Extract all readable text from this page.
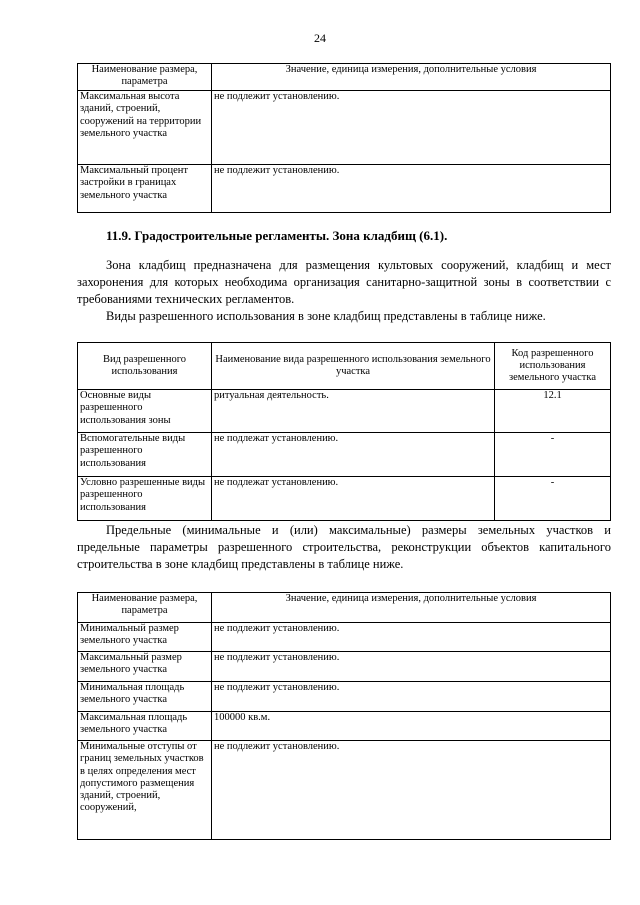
24
Наименование размера, параметра	Значение, единица измерения, дополнительные условия
Максимальная высота зданий, строений, сооружений на территории земельного участка	не подлежит установлению.
Максимальный процент застройки в границах земельного участка	не подлежит установлению.
11.9. Градостроительные регламенты. Зона кладбищ (6.1).
Зона кладбищ предназначена для размещения культовых сооружений, кладбищ и мест захоронения для которых необходима организация санитарно-защитной зоны в соответствии с требованиями технических регламентов.
Виды разрешенного использования в зоне кладбищ представлены в таблице ниже.
Вид разрешенного использования	Наименование вида разрешенного использования земельного участка	Код разрешенного использования земельного участка
Основные виды разрешенного использования зоны	ритуальная деятельность.	12.1
Вспомогательные виды разрешенного использования	не подлежат установлению.	-
Условно разрешенные виды разрешенного использования	не подлежат установлению.	-
Предельные (минимальные и (или) максимальные) размеры земельных участков и предельные параметры разрешенного строительства, реконструкции объектов капитального строительства в зоне кладбищ представлены в таблице ниже.
Наименование размера, параметра	Значение, единица измерения, дополнительные условия
Минимальный размер земельного участка	не подлежит установлению.
Максимальный размер земельного участка	не подлежит установлению.
Минимальная площадь земельного участка	не подлежит установлению.
Максимальная площадь земельного участка	100000 кв.м.
Минимальные отступы от границ земельных участков в целях определения мест допустимого размещения зданий, строений, сооружений,	не подлежит установлению.
